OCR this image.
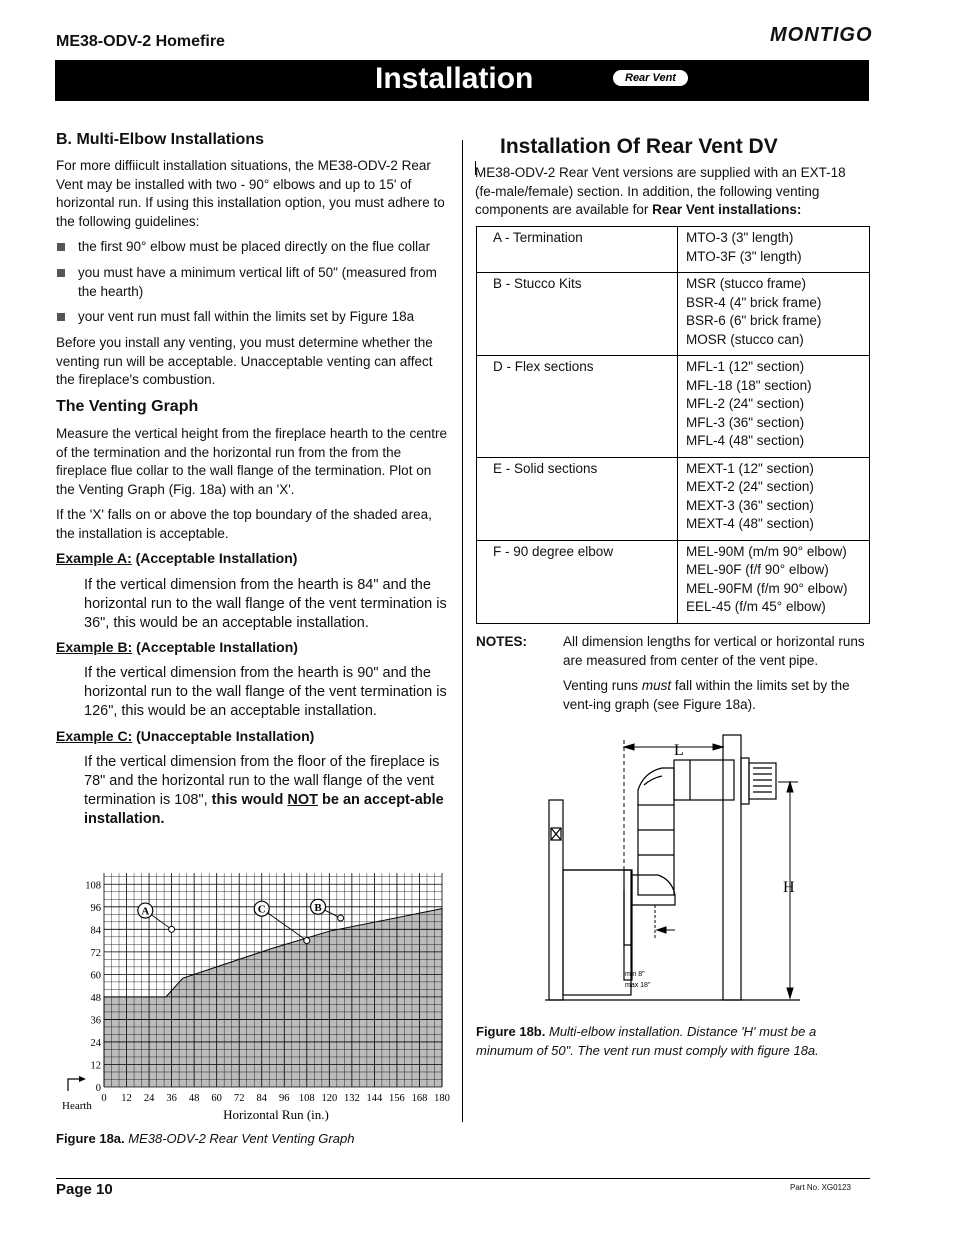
ME38-ODV-2 Homefire	MONTIGO
Installation	Rear Vent
B. Multi-Elbow Installations
For more diffiicult installation situations, the ME38-ODV-2 Rear Vent may be installed with two - 90° elbows and up to 15' of horizontal run. If using this installation option, you must adhere to the following guidelines:
the first 90° elbow must be placed directly on the flue collar
you must have a minimum vertical lift of 50" (measured from the hearth)
your vent run must fall within the limits set by Figure 18a
Before you install any venting, you must determine whether the venting run will be acceptable. Unacceptable venting can affect the fireplace's combustion.
The Venting Graph
Measure the vertical height from the fireplace hearth to the centre of the termination and the horizontal run from the from the fireplace flue collar to the wall flange of the termination. Plot on the Venting Graph (Fig. 18a) with an 'X'.
If the 'X' falls on or above the top boundary of the shaded area, the installation is acceptable.
Example A: (Acceptable Installation)
If the vertical dimension from the hearth is 84" and the horizontal run to the wall flange of the vent termination is 36", this would be an acceptable installation.
Example B: (Acceptable Installation)
If the vertical dimension from the hearth is 90" and the horizontal run to the wall flange of the vent termination is 126", this would be an acceptable installation.
Example C: (Unacceptable Installation)
If the vertical dimension from the floor of the fireplace is 78" and the horizontal run to the wall flange of the vent termination is 108", this would NOT be an accept-able installation.
0 12 24 36 48 60 72 84 96 108 120 132 144 156 168 180
0
12
24
36
48
60
72
84
96
108
A	B
C
Hearth
Horizontal Run (in.)
Figure 18a. ME38-ODV-2 Rear Vent Venting Graph
Installation Of Rear Vent DV
ME38-ODV-2 Rear Vent versions are supplied with an EXT-18 (fe-male/female) section. In addition, the following venting components are available for Rear Vent installations:
A - Termination	MTO-3 (3" length)
MTO-3F (3" length)

B - Stucco Kits	MSR (stucco frame)
BSR-4 (4" brick frame)
BSR-6 (6" brick frame)
MOSR (stucco can)

D - Flex sections	MFL-1 (12" section)
MFL-18 (18" section)
MFL-2 (24" section)
MFL-3 (36" section)
MFL-4 (48" section)

E - Solid sections	MEXT-1 (12" section)
MEXT-2 (24" section)
MEXT-3 (36" section)
MEXT-4 (48" section)

F - 90 degree elbow	MEL-90M (m/m 90° elbow)
MEL-90F (f/f 90° elbow)
MEL-90FM (f/m 90° elbow)
EEL-45 (f/m 45° elbow)
NOTES:	All dimension lengths for vertical or horizontal runs are measured from center of the vent pipe.
Venting runs must fall within the limits set by the vent-ing graph (see Figure 18a).
L
H
min 8"
max 18"
Figure 18b. Multi-elbow installation. Distance 'H' must be a minumum of 50". The vent run must comply with figure 18a.
Page 10	Part No. XG0123
